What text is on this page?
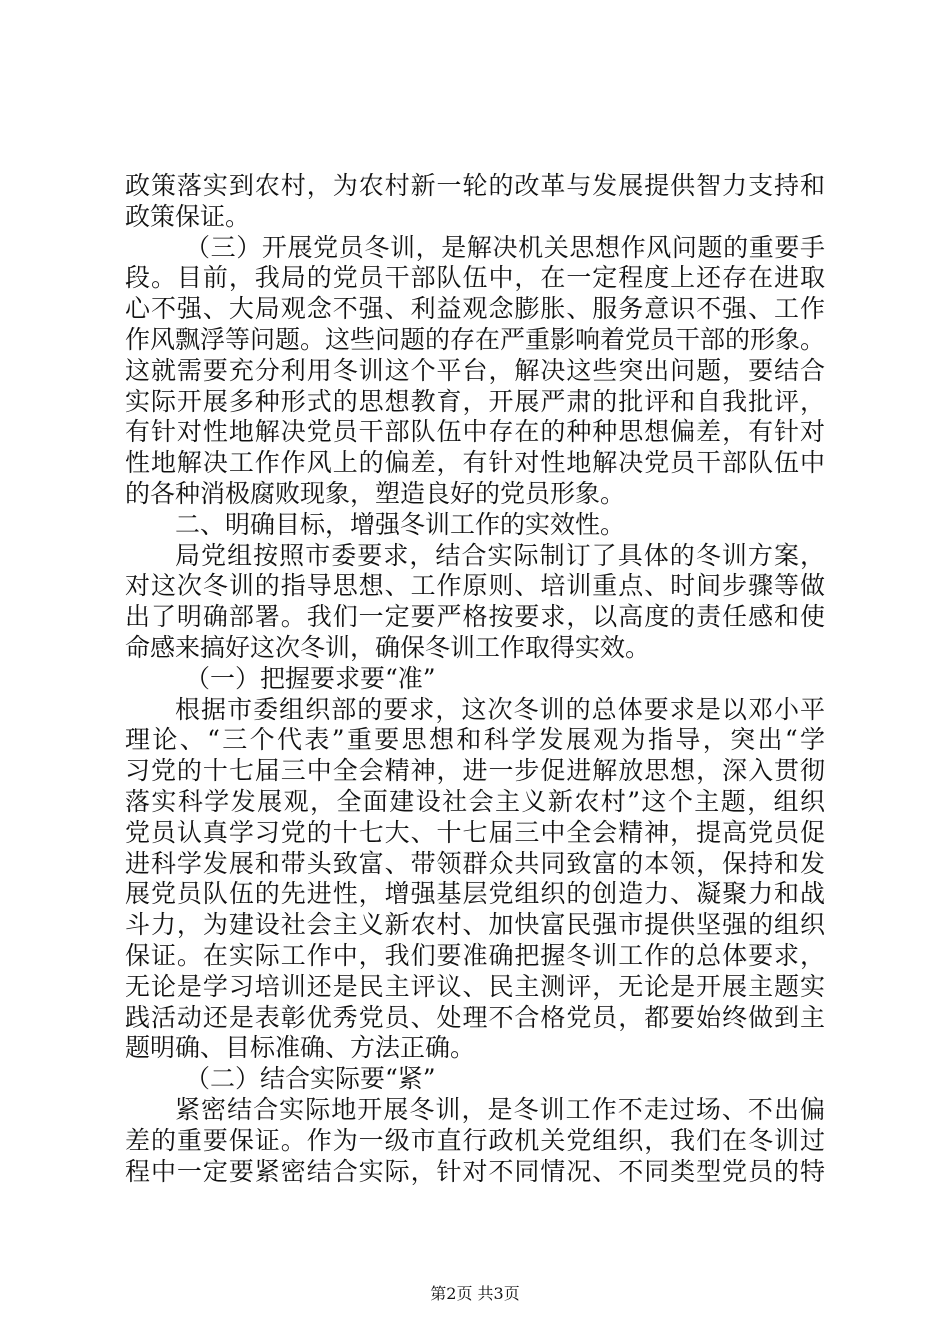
政策落实到农村，为农村新一轮的改革与发展提供智力支持和
政策保证。
（三）开展党员冬训，是解决机关思想作风问题的重要手
段。目前，我局的党员干部队伍中，在一定程度上还存在进取
心不强、大局观念不强、利益观念膨胀、服务意识不强、工作
作风飘浮等问题。这些问题的存在严重影响着党员干部的形象。
这就需要充分利用冬训这个平台，解决这些突出问题，要结合
实际开展多种形式的思想教育，开展严肃的批评和自我批评，
有针对性地解决党员干部队伍中存在的种种思想偏差，有针对
性地解决工作作风上的偏差，有针对性地解决党员干部队伍中
的各种消极腐败现象，塑造良好的党员形象。
二、明确目标，增强冬训工作的实效性。
局党组按照市委要求，结合实际制订了具体的冬训方案，
对这次冬训的指导思想、工作原则、培训重点、时间步骤等做
出了明确部署。我们一定要严格按要求，以高度的责任感和使
命感来搞好这次冬训，确保冬训工作取得实效。
（一）把握要求要“准”
根据市委组织部的要求，这次冬训的总体要求是以邓小平
理论、“三个代表”重要思想和科学发展观为指导，突出“学
习党的十七届三中全会精神，进一步促进解放思想，深入贯彻
落实科学发展观，全面建设社会主义新农村”这个主题，组织
党员认真学习党的十七大、十七届三中全会精神，提高党员促
进科学发展和带头致富、带领群众共同致富的本领，保持和发
展党员队伍的先进性，增强基层党组织的创造力、凝聚力和战
斗力，为建设社会主义新农村、加快富民强市提供坚强的组织
保证。在实际工作中，我们要准确把握冬训工作的总体要求，
无论是学习培训还是民主评议、民主测评，无论是开展主题实
践活动还是表彰优秀党员、处理不合格党员，都要始终做到主
题明确、目标准确、方法正确。
（二）结合实际要“紧”
紧密结合实际地开展冬训，是冬训工作不走过场、不出偏
差的重要保证。作为一级市直行政机关党组织，我们在冬训过
程中一定要紧密结合实际，针对不同情况、不同类型党员的特
第2页 共3页
